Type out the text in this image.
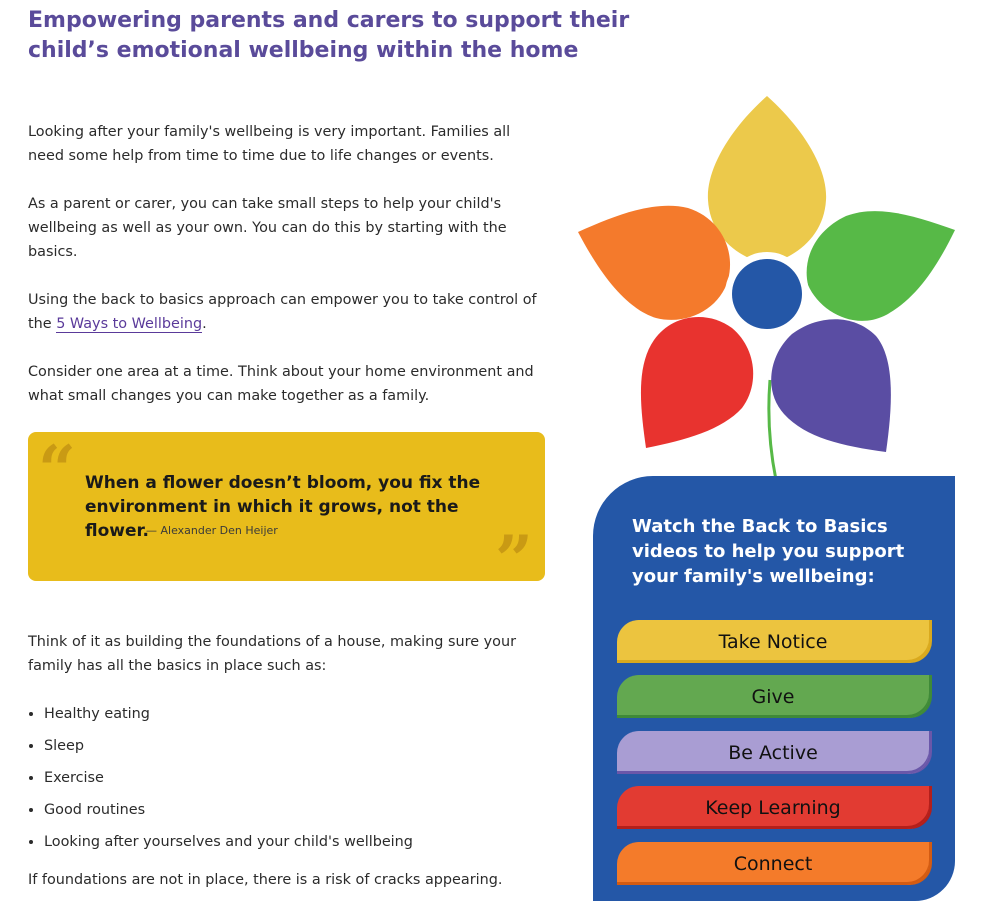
Empowering parents and carers to support their child’s emotional wellbeing within the home

Looking after your family's wellbeing is very important. Families all need some help from time to time due to life changes or events.

As a parent or carer, you can take small steps to help your child's wellbeing as well as your own. You can do this by starting with the basics.

Using the back to basics approach can empower you to take control of the 5 Ways to Wellbeing.

Consider one area at a time. Think about your home environment and what small changes you can make together as a family.

“ When a flower doesn’t bloom, you fix the environment in which it grows, not the flower.
— Alexander Den Heijer	”

Think of it as building the foundations of a house, making sure your family has all the basics in place such as:

• Healthy eating
• Sleep
• Exercise
• Good routines
• Looking after yourselves and your child's wellbeing

If foundations are not in place, there is a risk of cracks appearing.

Watch the Back to Basics videos to help you support your family's wellbeing:
Take Notice
Give
Be Active
Keep Learning
Connect
